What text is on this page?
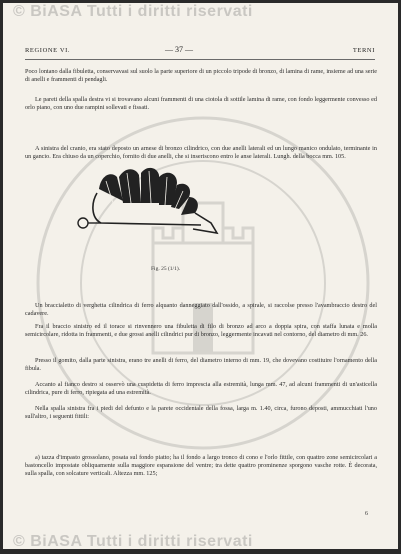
© BiASA Tutti i diritti riservati
REGIONE VI.	— 37 —	TERNI

Poco lontano dalla fibuletta, conservavasi sul suolo la parte superiore di un piccolo tripode di bronzo, di lamina di rame, insieme ad una serie di anelli e frammenti di pendagli.

Le pareti della spalla destra vi si trovavano alcuni frammenti di una ciotola di sottile lamina di rame, con fondo leggermente convesso ed orlo piano, con uno due rampini sollevati e fissati.

A sinistra del cranio, era stato deposto un arnese di bronzo cilindrico, con due anelli laterali ed un lungo manico ondulato, terminante in un gancio. Era chiuso da un coperchio, fornito di due anelli, che si inseriscono entro le anse laterali. Lungh. della bocca mm. 105.

Fig. 25 (1/1).

Un braccialetto di verghetta cilindrica di ferro alquanto danneggiato dall'ossido, a spirale, si raccolse presso l'avambraccio destro del cadavere.

Fra il braccio sinistro ed il torace si rinvennero una fibuletta di filo di bronzo ad arco a doppia spira, con staffa lunata e molla semicircolare, ridotta in frammenti, e due grossi anelli cilindrici pur di bronzo, leggermente incavati nel contorno, del diametro di mm. 26.

Presso il gomito, dalla parte sinistra, erano tre anelli di ferro, del diametro interno di mm. 19, che dovevano costituire l'ornamento della fibula.

Accanto al fianco destro si osservò una cuspidetta di ferro imprescia alla estremità, lunga mm. 47, ad alcuni frammenti di un'asticella cilindrica, pure di ferro, ripiegata ad una estremità.

Nella spalla sinistra fra i piedi del defunto e la parete occidentale della fossa, larga m. 1.40, circa, furono deposti, ammucchiati l'uno sull'altro, i seguenti fittili:

a) tazza d'impasto grossolano, posata sul fondo piatto; ha il fondo a largo tronco di cono e l'orlo fittile, con quattro zone semicircolari a bastoncello impostate obliquamente sulla maggiore espansione del ventre; tra dette quattro prominenze sporgono vasche rotte. È decorata, sulla spalla, con solcature verticali. Altezza mm. 125;

6
© BiASA Tutti i diritti riservati
